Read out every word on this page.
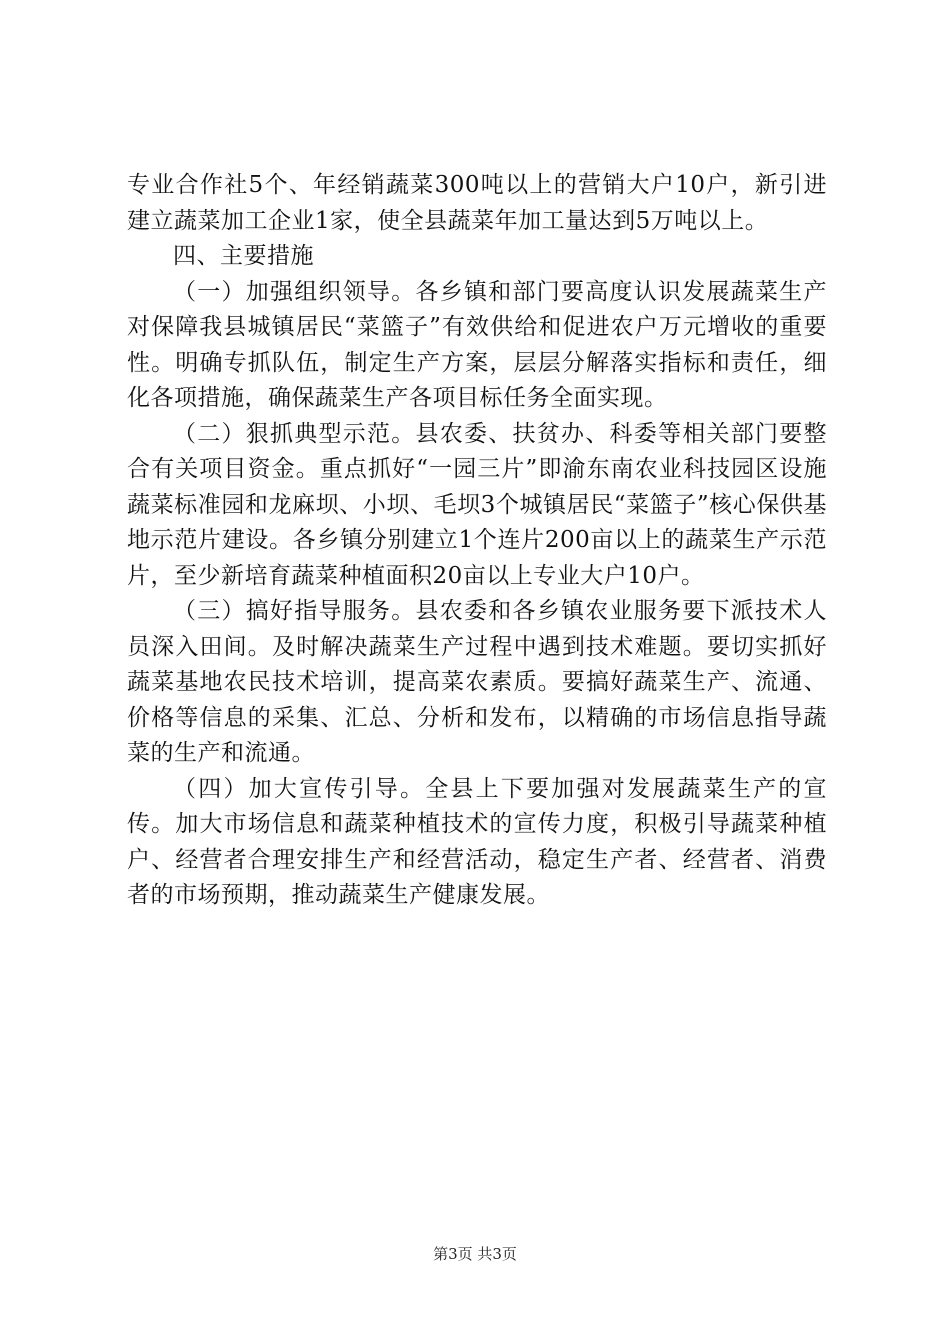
专业合作社5个、年经销蔬菜300吨以上的营销大户10户，新引进建立蔬菜加工企业1家，使全县蔬菜年加工量达到5万吨以上。

四、主要措施

（一）加强组织领导。各乡镇和部门要高度认识发展蔬菜生产对保障我县城镇居民“菜篮子”有效供给和促进农户万元增收的重要性。明确专抓队伍，制定生产方案，层层分解落实指标和责任，细化各项措施，确保蔬菜生产各项目标任务全面实现。

（二）狠抓典型示范。县农委、扶贫办、科委等相关部门要整合有关项目资金。重点抓好“一园三片”即渝东南农业科技园区设施蔬菜标准园和龙麻坝、小坝、毛坝3个城镇居民“菜篮子”核心保供基地示范片建设。各乡镇分别建立1个连片200亩以上的蔬菜生产示范片，至少新培育蔬菜种植面积20亩以上专业大户10户。

（三）搞好指导服务。县农委和各乡镇农业服务要下派技术人员深入田间。及时解决蔬菜生产过程中遇到技术难题。要切实抓好蔬菜基地农民技术培训，提高菜农素质。要搞好蔬菜生产、流通、价格等信息的采集、汇总、分析和发布，以精确的市场信息指导蔬菜的生产和流通。

（四）加大宣传引导。全县上下要加强对发展蔬菜生产的宣传。加大市场信息和蔬菜种植技术的宣传力度，积极引导蔬菜种植户、经营者合理安排生产和经营活动，稳定生产者、经营者、消费者的市场预期，推动蔬菜生产健康发展。

第3页 共3页
